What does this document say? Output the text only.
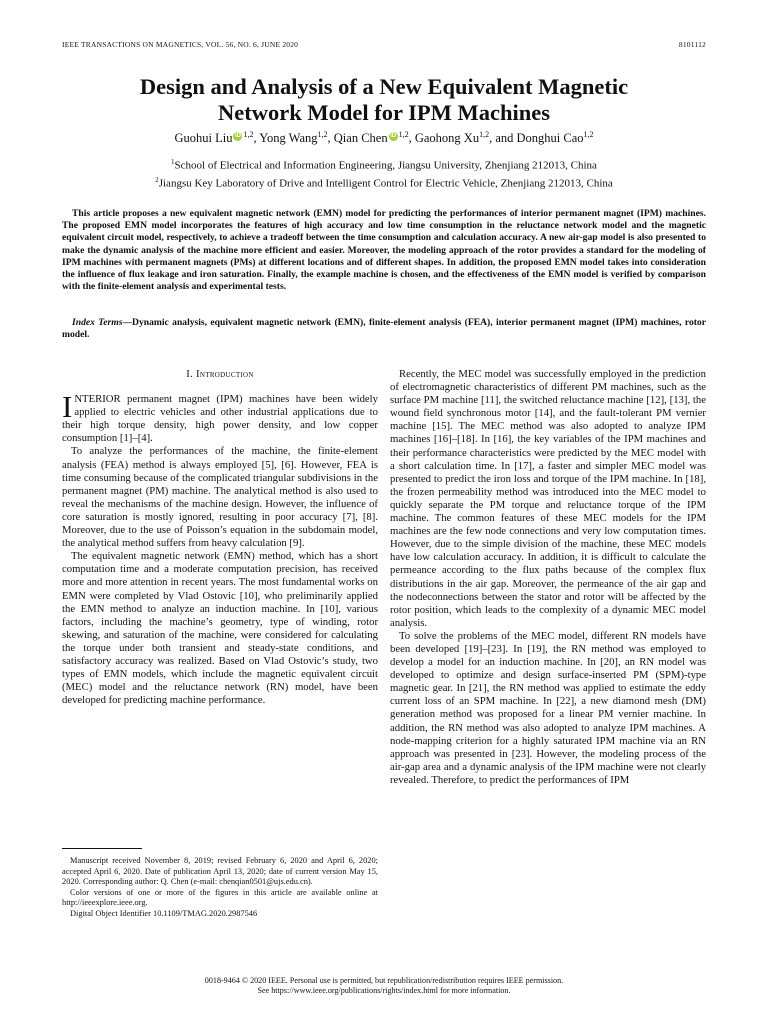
IEEE TRANSACTIONS ON MAGNETICS, VOL. 56, NO. 6, JUNE 2020	8101112
Design and Analysis of a New Equivalent Magnetic
Network Model for IPM Machines
Guohui Liu iD $^{1,2}$, Yong Wang$^{1,2}$, Qian Chen iD $^{1,2}$, Gaohong Xu$^{1,2}$, and Donghui Cao$^{1,2}$
$^1$School of Electrical and Information Engineering, Jiangsu University, Zhenjiang 212013, China
$^2$Jiangsu Key Laboratory of Drive and Intelligent Control for Electric Vehicle, Zhenjiang 212013, China
This article proposes a new equivalent magnetic network (EMN) model for predicting the performances of interior permanent magnet (IPM) machines. The proposed EMN model incorporates the features of high accuracy and low time consumption in the reluctance network model and the magnetic equivalent circuit model, respectively, to achieve a tradeoff between the time consumption and calculation accuracy. A new air-gap model is also presented to make the dynamic analysis of the machine more efficient and easier. Moreover, the modeling approach of the rotor provides a standard for the modeling of IPM machines with permanent magnets (PMs) at different locations and of different shapes. In addition, the proposed EMN model takes into consideration the influence of flux leakage and iron saturation. Finally, the example machine is chosen, and the effectiveness of the EMN model is verified by comparison with the finite-element analysis and experimental tests.
Index Terms—Dynamic analysis, equivalent magnetic network (EMN), finite-element analysis (FEA), interior permanent magnet (IPM) machines, rotor model.
I. Introduction

INTERIOR permanent magnet (IPM) machines have been widely applied to electric vehicles and other industrial applications due to their high torque density, high power density, and low copper consumption [1]–[4].

To analyze the performances of the machine, the finite-element analysis (FEA) method is always employed [5], [6]. However, FEA is time consuming because of the complicated triangular subdivisions in the permanent magnet (PM) machine. The analytical method is also used to reveal the mechanisms of the machine design. However, the influence of core saturation is mostly ignored, resulting in poor accuracy [7], [8]. Moreover, due to the use of Poisson’s equation in the subdomain model, the analytical method suffers from heavy calculation [9].

The equivalent magnetic network (EMN) method, which has a short computation time and a moderate computation precision, has received more and more attention in recent years. The most fundamental works on EMN were completed by Vlad Ostovic [10], who preliminarily applied the EMN method to analyze an induction machine. In [10], various factors, including the machine’s geometry, type of winding, rotor skewing, and saturation of the machine, were considered for calculating the torque under both transient and steady-state conditions, and satisfactory accuracy was realized. Based on Vlad Ostovic’s study, two types of EMN models, which include the magnetic equivalent circuit (MEC) model and the reluctance network (RN) model, have been developed for predicting machine performance.

Manuscript received November 8, 2019; revised February 6, 2020 and April 6, 2020; accepted April 6, 2020. Date of publication April 13, 2020; date of current version May 15, 2020. Corresponding author: Q. Chen (e-mail: chenqian0501@ujs.edu.cn).

Color versions of one or more of the figures in this article are available online at http://ieeexplore.ieee.org.

Digital Object Identifier 10.1109/TMAG.2020.2987546

Recently, the MEC model was successfully employed in the prediction of electromagnetic characteristics of different PM machines, such as the surface PM machine [11], the switched reluctance machine [12], [13], the wound field synchronous motor [14], and the fault-tolerant PM vernier machine [15]. The MEC method was also adopted to analyze IPM machines [16]–[18]. In [16], the key variables of the IPM machines and their performance characteristics were predicted by the MEC model with a short calculation time. In [17], a faster and simpler MEC model was presented to predict the iron loss and torque of the IPM machine. In [18], the frozen permeability method was introduced into the MEC model to quickly separate the PM torque and reluctance torque of the IPM machine. The common features of these MEC models for the IPM machines are the few node connections and very low computation times. However, due to the simple division of the machine, these MEC models have low calculation accuracy. In addition, it is difficult to calculate the permeance according to the flux paths because of the complex flux distributions in the air gap. Moreover, the permeance of the air gap and the nodeconnections between the stator and rotor will be affected by the rotor position, which leads to the complexity of a dynamic MEC model analysis.

To solve the problems of the MEC model, different RN models have been developed [19]–[23]. In [19], the RN method was employed to develop a model for an induction machine. In [20], an RN model was developed to optimize and design surface-inserted PM (SPM)-type magnetic gear. In [21], the RN method was applied to estimate the eddy current loss of an SPM machine. In [22], a new diamond mesh (DM) generation method was proposed for a linear PM vernier machine. In addition, the RN method was also adopted to analyze IPM machines. A node-mapping criterion for a highly saturated IPM machine via an RN approach was presented in [23]. However, the modeling process of the air-gap area and a dynamic analysis of the IPM machine were not clearly revealed. Therefore, to predict the performances of IPM

0018-9464 © 2020 IEEE. Personal use is permitted, but republication/redistribution requires IEEE permission.
See https://www.ieee.org/publications/rights/index.html for more information.
